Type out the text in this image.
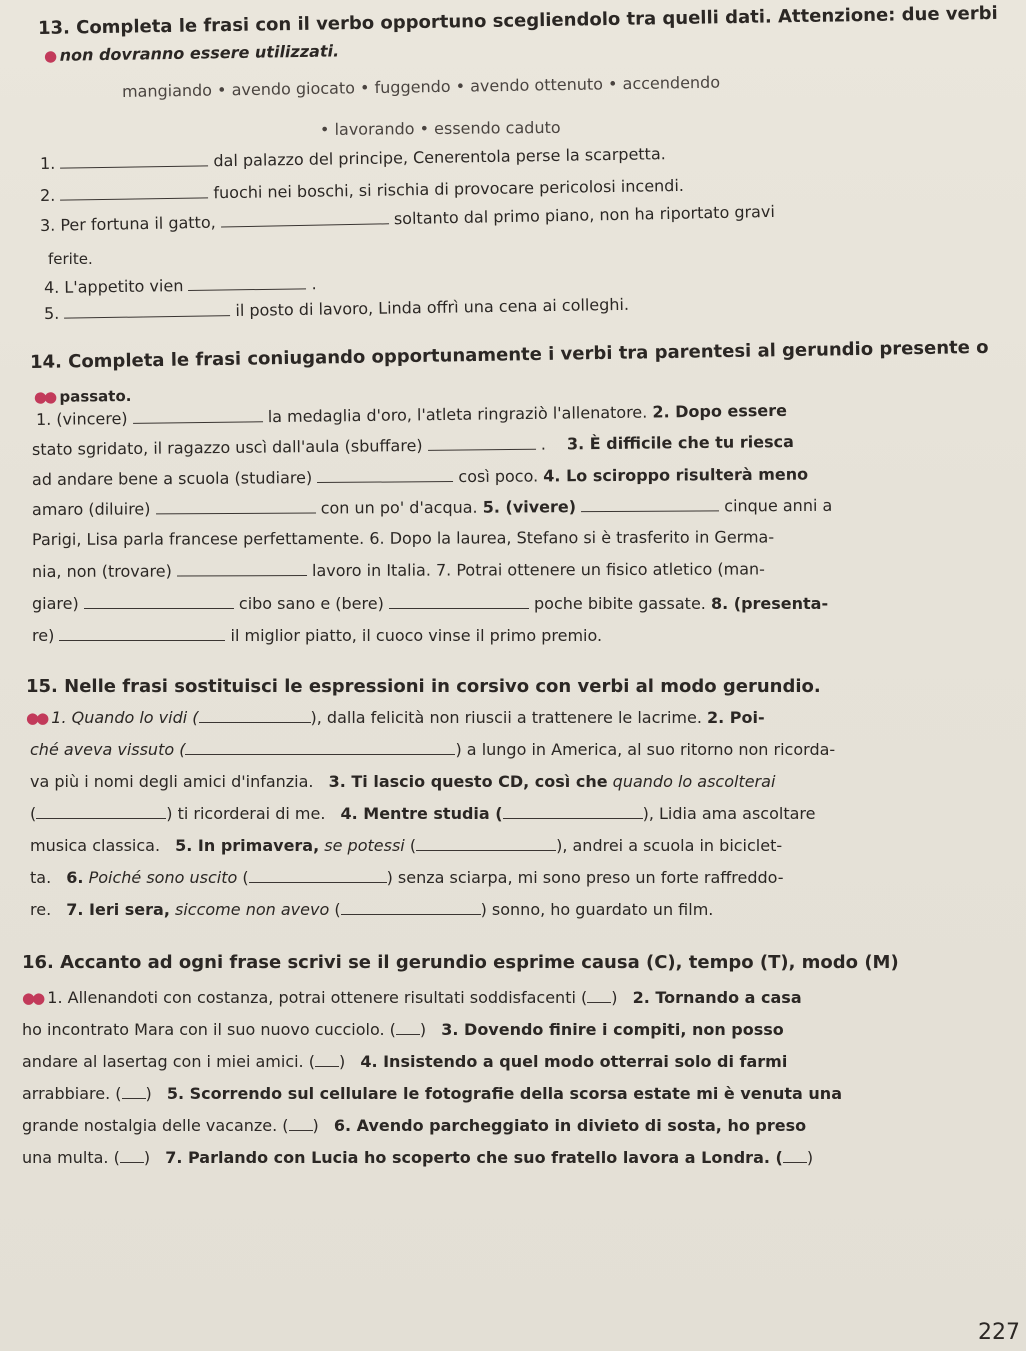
13. Completa le frasi con il verbo opportuno scegliendolo tra quelli dati. Attenzione: due verbi
● non dovranno essere utilizzati.
mangiando • avendo giocato • fuggendo • avendo ottenuto • accendendo
• lavorando • essendo caduto
1.	dal palazzo del principe, Cenerentola perse la scarpetta.
2.	fuochi nei boschi, si rischia di provocare pericolosi incendi.
3. Per fortuna il gatto,	soltanto dal primo piano, non ha riportato gravi
ferite.
4. L'appetito vien	.
5.	il posto di lavoro, Linda offrì una cena ai colleghi.
14. Completa le frasi coniugando opportunamente i verbi tra parentesi al gerundio presente o
●● passato.
1. (vincere)	la medaglia d'oro, l'atleta ringraziò l'allenatore. 2. Dopo essere
stato sgridato, il ragazzo uscì dall'aula (sbuffare)	. 3. È difficile che tu riesca
ad andare bene a scuola (studiare)	così poco. 4. Lo sciroppo risulterà meno
amaro (diluire)	con un po' d'acqua. 5. (vivere)	cinque anni a
Parigi, Lisa parla francese perfettamente. 6. Dopo la laurea, Stefano si è trasferito in Germa-
nia, non (trovare)	lavoro in Italia. 7. Potrai ottenere un fisico atletico (man-
giare)	cibo sano e (bere)	poche bibite gassate. 8. (presenta-
re)	il miglior piatto, il cuoco vinse il primo premio.
15. Nelle frasi sostituisci le espressioni in corsivo con verbi al modo gerundio.
●● 1. Quando lo vidi (	), dalla felicità non riuscii a trattenere le lacrime. 2. Poi-
ché aveva vissuto (	) a lungo in America, al suo ritorno non ricorda-
va più i nomi degli amici d'infanzia. 3. Ti lascio questo CD, così che quando lo ascolterai
(	) ti ricorderai di me. 4. Mentre studia (	), Lidia ama ascoltare
musica classica. 5. In primavera, se potessi (	), andrei a scuola in biciclet-
ta. 6. Poiché sono uscito (	) senza sciarpa, mi sono preso un forte raffreddo-
re. 7. Ieri sera, siccome non avevo (	) sonno, ho guardato un film.
16. Accanto ad ogni frase scrivi se il gerundio esprime causa (C), tempo (T), modo (M)
●● 1. Allenandoti con costanza, potrai ottenere risultati soddisfacenti ( ) 2. Tornando a casa
ho incontrato Mara con il suo nuovo cucciolo. ( ) 3. Dovendo finire i compiti, non posso
andare al lasertag con i miei amici. ( ) 4. Insistendo a quel modo otterrai solo di farmi
arrabbiare. ( ) 5. Scorrendo sul cellulare le fotografie della scorsa estate mi è venuta una
grande nostalgia delle vacanze. ( ) 6. Avendo parcheggiato in divieto di sosta, ho preso
una multa. ( ) 7. Parlando con Lucia ho scoperto che suo fratello lavora a Londra. ( )
227
